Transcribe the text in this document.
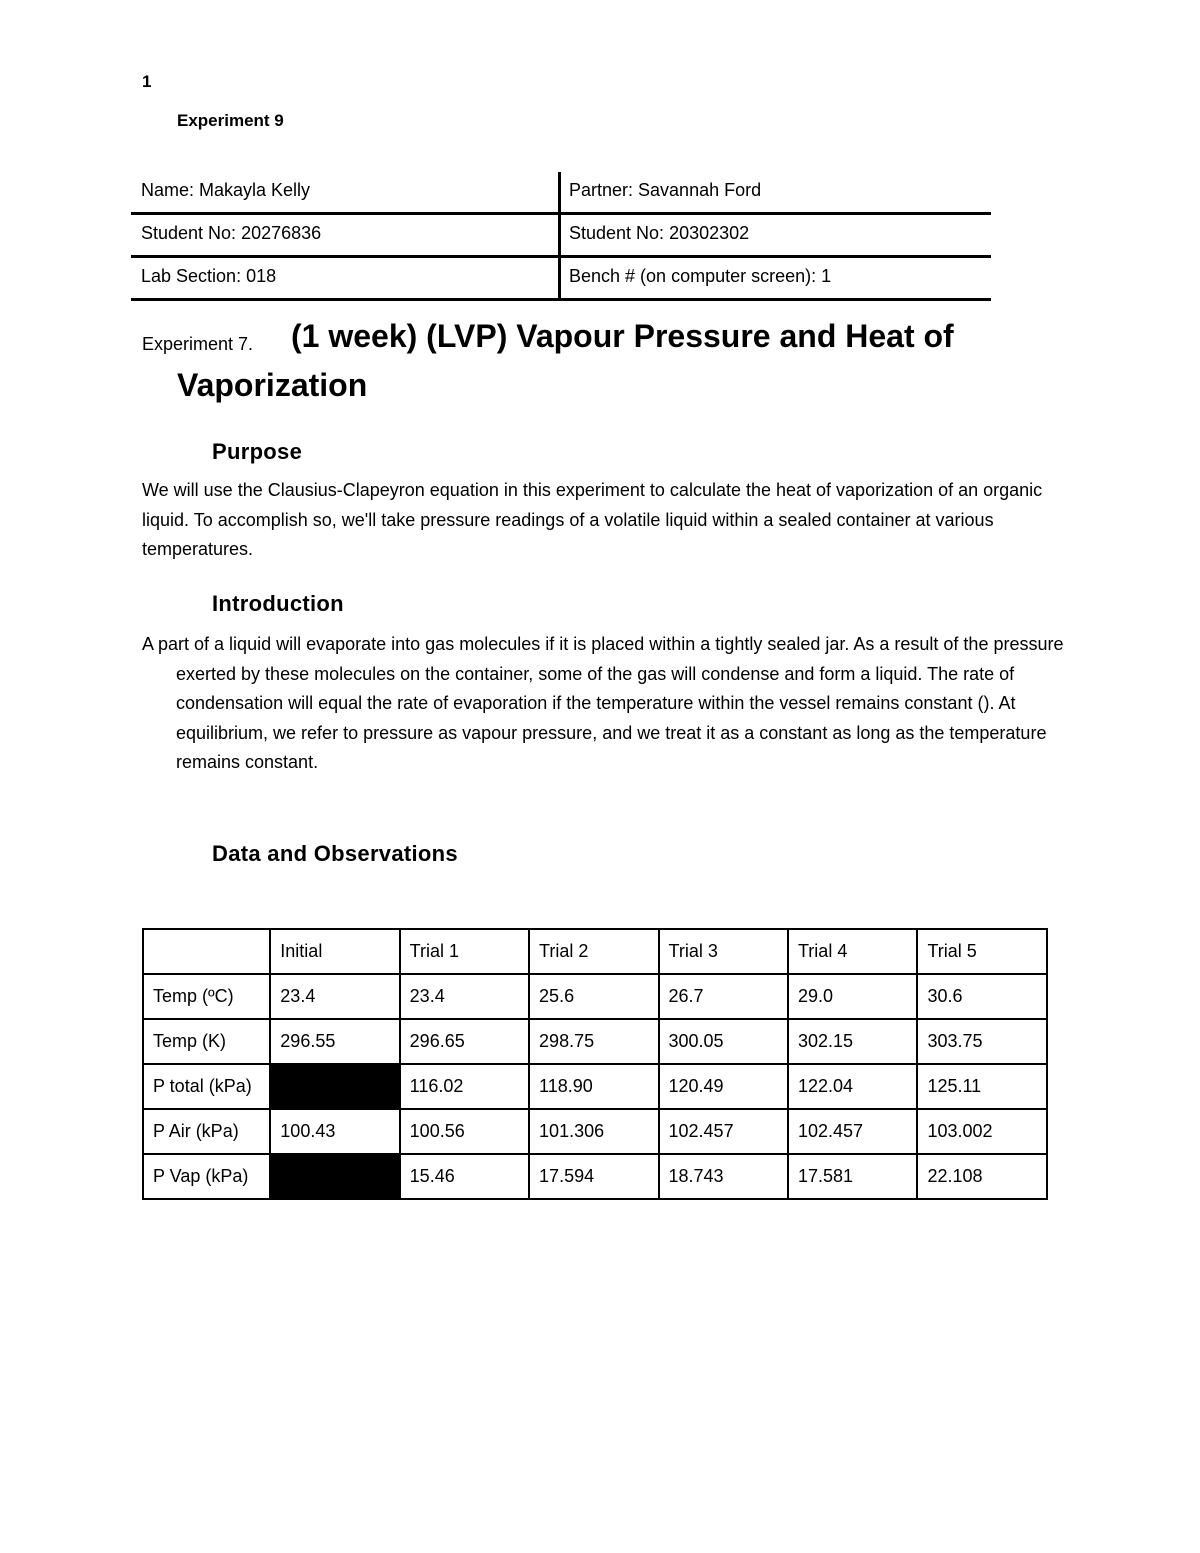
1
Experiment 9
Name: Makayla Kelly	Partner: Savannah Ford
Student No: 20276836	Student No: 20302302
Lab Section: 018	Bench # (on computer screen): 1
Experiment 7. (1 week) (LVP) Vapour Pressure and Heat of
Vaporization
Purpose

We will use the Clausius-Clapeyron equation in this experiment to calculate the heat of vaporization of an organic liquid. To accomplish so, we'll take pressure readings of a volatile liquid within a sealed container at various temperatures.

Introduction

A part of a liquid will evaporate into gas molecules if it is placed within a tightly sealed jar. As a result of the pressure exerted by these molecules on the container, some of the gas will condense and form a liquid. The rate of condensation will equal the rate of evaporation if the temperature within the vessel remains constant (). At equilibrium, we refer to pressure as vapour pressure, and we treat it as a constant as long as the temperature remains constant.

Data and Observations
	Initial	Trial 1	Trial 2	Trial 3	Trial 4	Trial 5
Temp (ºC)	23.4	23.4	25.6	26.7	29.0	30.6
Temp (K)	296.55	296.65	298.75	300.05	302.15	303.75
P total (kPa)		116.02	118.90	120.49	122.04	125.11
P Air (kPa)	100.43	100.56	101.306	102.457	102.457	103.002
P Vap (kPa)		15.46	17.594	18.743	17.581	22.108
